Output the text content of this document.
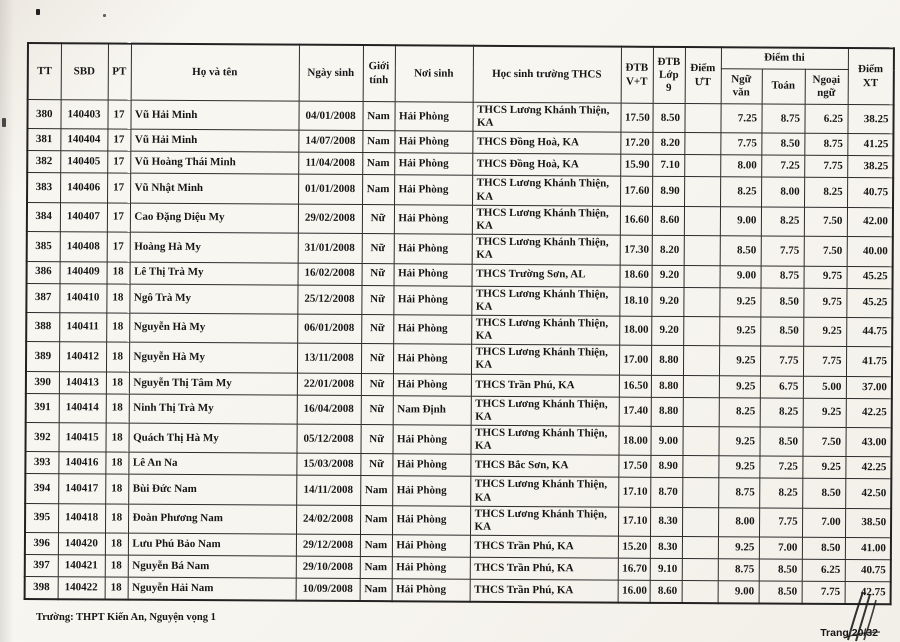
TT	SBD	PT	Họ và tên	Ngày sinh	Giới tính	Nơi sinh	Học sinh trường THCS	ĐTB V+T	ĐTB Lớp 9	Điểm ƯT	Điểm thi			Điểm XT
											Ngữ văn	Toán	Ngoại ngữ	
380	140403	17	Vũ Hải Minh	04/01/2008	Nam	Hải Phòng	THCS Lương Khánh Thiện, KA	17.50	8.50		7.25	8.75	6.25	38.25
381	140404	17	Vũ Hải Minh	14/07/2008	Nam	Hải Phòng	THCS Đồng Hoà, KA	17.20	8.20		7.75	8.50	8.75	41.25
382	140405	17	Vũ Hoàng Thái Minh	11/04/2008	Nam	Hải Phòng	THCS Đồng Hoà, KA	15.90	7.10		8.00	7.25	7.75	38.25
383	140406	17	Vũ Nhật Minh	01/01/2008	Nam	Hải Phòng	THCS Lương Khánh Thiện, KA	17.60	8.90		8.25	8.00	8.25	40.75
384	140407	17	Cao Đặng Diệu My	29/02/2008	Nữ	Hải Phòng	THCS Lương Khánh Thiện, KA	16.60	8.60		9.00	8.25	7.50	42.00
385	140408	17	Hoàng Hà My	31/01/2008	Nữ	Hải Phòng	THCS Lương Khánh Thiện, KA	17.30	8.20		8.50	7.75	7.50	40.00
386	140409	18	Lê Thị Trà My	16/02/2008	Nữ	Hải Phòng	THCS Trường Sơn, AL	18.60	9.20		9.00	8.75	9.75	45.25
387	140410	18	Ngô Trà My	25/12/2008	Nữ	Hải Phòng	THCS Lương Khánh Thiện, KA	18.10	9.20		9.25	8.50	9.75	45.25
388	140411	18	Nguyễn Hà My	06/01/2008	Nữ	Hải Phòng	THCS Lương Khánh Thiện, KA	18.00	9.20		9.25	8.50	9.25	44.75
389	140412	18	Nguyễn Hà My	13/11/2008	Nữ	Hải Phòng	THCS Lương Khánh Thiện, KA	17.00	8.80		9.25	7.75	7.75	41.75
390	140413	18	Nguyễn Thị Tâm My	22/01/2008	Nữ	Hải Phòng	THCS Trần Phú, KA	16.50	8.80		9.25	6.75	5.00	37.00
391	140414	18	Ninh Thị Trà My	16/04/2008	Nữ	Nam Định	THCS Lương Khánh Thiện, KA	17.40	8.80		8.25	8.25	9.25	42.25
392	140415	18	Quách Thị Hà My	05/12/2008	Nữ	Hải Phòng	THCS Lương Khánh Thiện, KA	18.00	9.00		9.25	8.50	7.50	43.00
393	140416	18	Lê An Na	15/03/2008	Nữ	Hải Phòng	THCS Bắc Sơn, KA	17.50	8.90		9.25	7.25	9.25	42.25
394	140417	18	Bùi Đức Nam	14/11/2008	Nam	Hải Phòng	THCS Lương Khánh Thiện, KA	17.10	8.70		8.75	8.25	8.50	42.50
395	140418	18	Đoàn Phương Nam	24/02/2008	Nam	Hải Phòng	THCS Lương Khánh Thiện, KA	17.10	8.30		8.00	7.75	7.00	38.50
396	140420	18	Lưu Phú Bảo Nam	29/12/2008	Nam	Hải Phòng	THCS Trần Phú, KA	15.20	8.30		9.25	7.00	8.50	41.00
397	140421	18	Nguyễn Bá Nam	29/10/2008	Nam	Hải Phòng	THCS Trần Phú, KA	16.70	9.10		8.75	8.50	6.25	40.75
398	140422	18	Nguyễn Hải Nam	10/09/2008	Nam	Hải Phòng	THCS Trần Phú, KA	16.00	8.60		9.00	8.50	7.75	42.75
Trường: THPT Kiến An, Nguyện vọng 1
Trang 20/32
